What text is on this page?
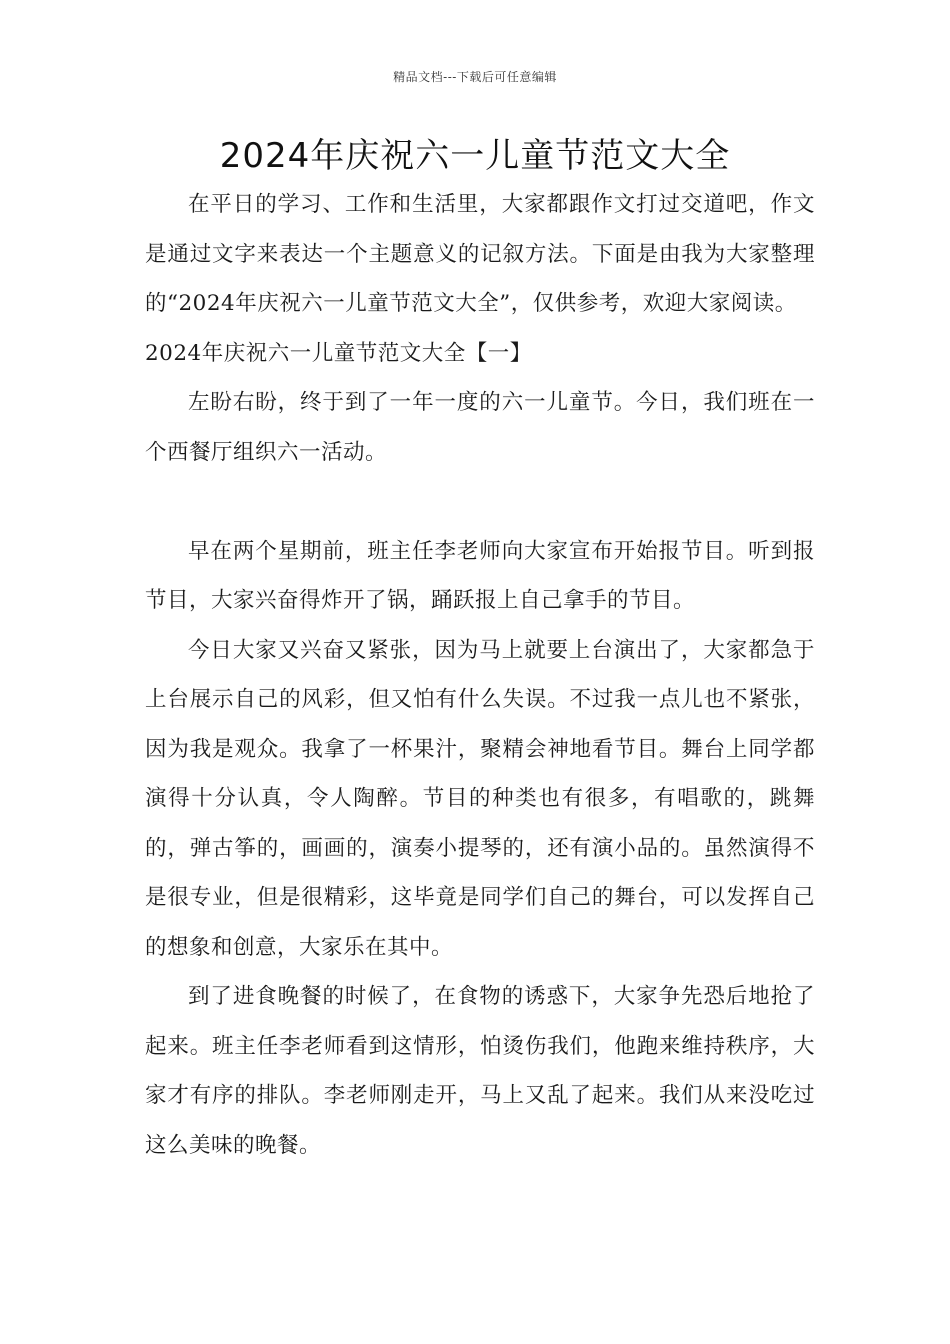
精品文档---下载后可任意编辑
2024年庆祝六一儿童节范文大全

在平日的学习、工作和生活里，大家都跟作文打过交道吧，作文是通过文字来表达一个主题意义的记叙方法。下面是由我为大家整理的“2024年庆祝六一儿童节范文大全”，仅供参考，欢迎大家阅读。

2024年庆祝六一儿童节范文大全【一】

左盼右盼，终于到了一年一度的六一儿童节。今日，我们班在一个西餐厅组织六一活动。

早在两个星期前，班主任李老师向大家宣布开始报节目。听到报节目，大家兴奋得炸开了锅，踊跃报上自己拿手的节目。

今日大家又兴奋又紧张，因为马上就要上台演出了，大家都急于上台展示自己的风彩，但又怕有什么失误。不过我一点儿也不紧张，因为我是观众。我拿了一杯果汁，聚精会神地看节目。舞台上同学都演得十分认真，令人陶醉。节目的种类也有很多，有唱歌的，跳舞的，弹古筝的，画画的，演奏小提琴的，还有演小品的。虽然演得不是很专业，但是很精彩，这毕竟是同学们自己的舞台，可以发挥自己的想象和创意，大家乐在其中。

到了进食晚餐的时候了，在食物的诱惑下，大家争先恐后地抢了起来。班主任李老师看到这情形，怕烫伤我们，他跑来维持秩序，大家才有序的排队。李老师刚走开，马上又乱了起来。我们从来没吃过这么美味的晚餐。
